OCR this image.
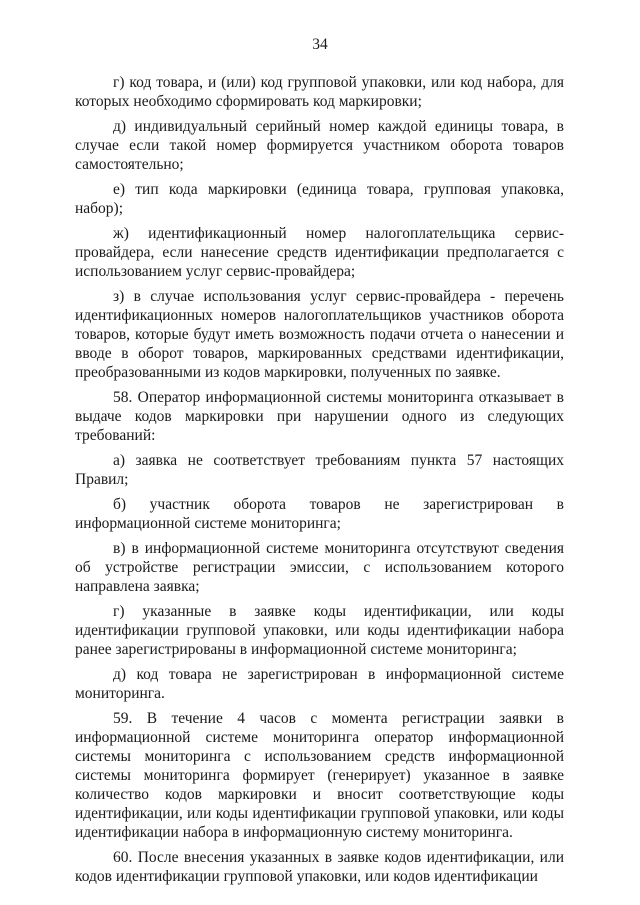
34

г) код товара, и (или) код групповой упаковки, или код набора, для которых необходимо сформировать код маркировки;

д) индивидуальный серийный номер каждой единицы товара, в случае если такой номер формируется участником оборота товаров самостоятельно;

е) тип кода маркировки (единица товара, групповая упаковка, набор);

ж) идентификационный номер налогоплательщика сервис-провайдера, если нанесение средств идентификации предполагается с использованием услуг сервис-провайдера;

з) в случае использования услуг сервис-провайдера - перечень идентификационных номеров налогоплательщиков участников оборота товаров, которые будут иметь возможность подачи отчета о нанесении и вводе в оборот товаров, маркированных средствами идентификации, преобразованными из кодов маркировки, полученных по заявке.

58. Оператор информационной системы мониторинга отказывает в выдаче кодов маркировки при нарушении одного из следующих требований:

а) заявка не соответствует требованиям пункта 57 настоящих Правил;

б) участник оборота товаров не зарегистрирован в информационной системе мониторинга;

в) в информационной системе мониторинга отсутствуют сведения об устройстве регистрации эмиссии, с использованием которого направлена заявка;

г) указанные в заявке коды идентификации, или коды идентификации групповой упаковки, или коды идентификации набора ранее зарегистрированы в информационной системе мониторинга;

д) код товара не зарегистрирован в информационной системе мониторинга.

59. В течение 4 часов с момента регистрации заявки в информационной системе мониторинга оператор информационной системы мониторинга с использованием средств информационной системы мониторинга формирует (генерирует) указанное в заявке количество кодов маркировки и вносит соответствующие коды идентификации, или коды идентификации групповой упаковки, или коды идентификации набора в информационную систему мониторинга.

60. После внесения указанных в заявке кодов идентификации, или кодов идентификации групповой упаковки, или кодов идентификации
